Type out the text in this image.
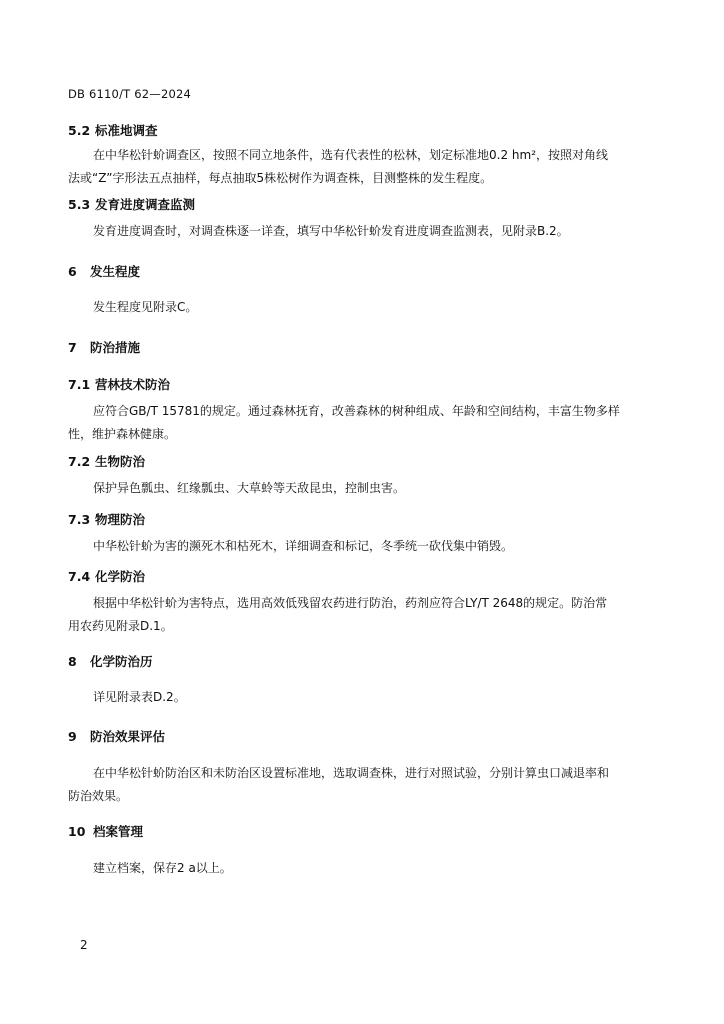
DB 6110/T 62—2024
5.2 标准地调查
在中华松针蚧调查区，按照不同立地条件，选有代表性的松林，划定标准地0.2 hm²，按照对角线
法或“Z”字形法五点抽样，每点抽取5株松树作为调查株，目测整株的发生程度。
5.3 发育进度调查监测
发育进度调查时，对调查株逐一详查，填写中华松针蚧发育进度调查监测表，见附录B.2。
6 发生程度
发生程度见附录C。
7 防治措施
7.1 营林技术防治
应符合GB/T 15781的规定。通过森林抚育，改善森林的树种组成、年龄和空间结构，丰富生物多样
性，维护森林健康。
7.2 生物防治
保护异色瓢虫、红缘瓢虫、大草蛉等天敌昆虫，控制虫害。
7.3 物理防治
中华松针蚧为害的濒死木和枯死木，详细调查和标记，冬季统一砍伐集中销毁。
7.4 化学防治
根据中华松针蚧为害特点，选用高效低残留农药进行防治，药剂应符合LY/T 2648的规定。防治常
用农药见附录D.1。
8 化学防治历
详见附录表D.2。
9 防治效果评估
在中华松针蚧防治区和未防治区设置标准地，选取调查株，进行对照试验，分别计算虫口减退率和
防治效果。
10 档案管理
建立档案，保存2 a以上。
2
